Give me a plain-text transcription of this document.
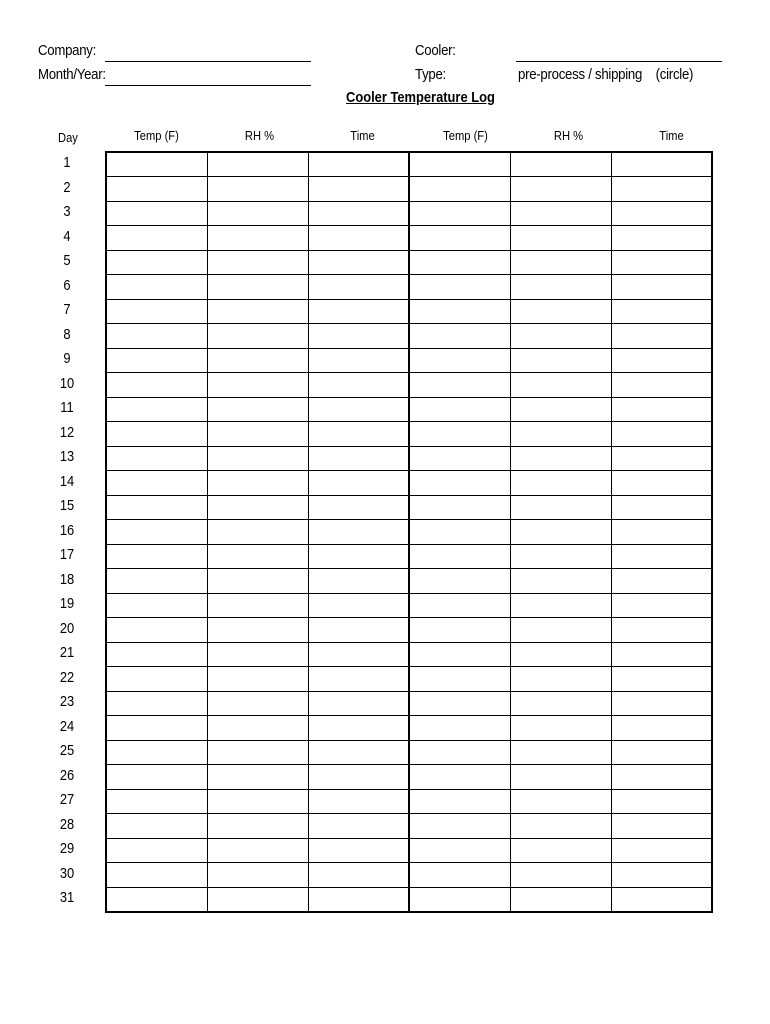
Company:
Month/Year:
Cooler:
Type:	pre-process / shipping    (circle)
Cooler Temperature Log
Day	Temp (F)	RH %	Time	Temp (F)	RH %	Time
1
2
3
4
5
6
7
8
9
10
11
12
13
14
15
16
17
18
19
20
21
22
23
24
25
26
27
28
29
30
31
